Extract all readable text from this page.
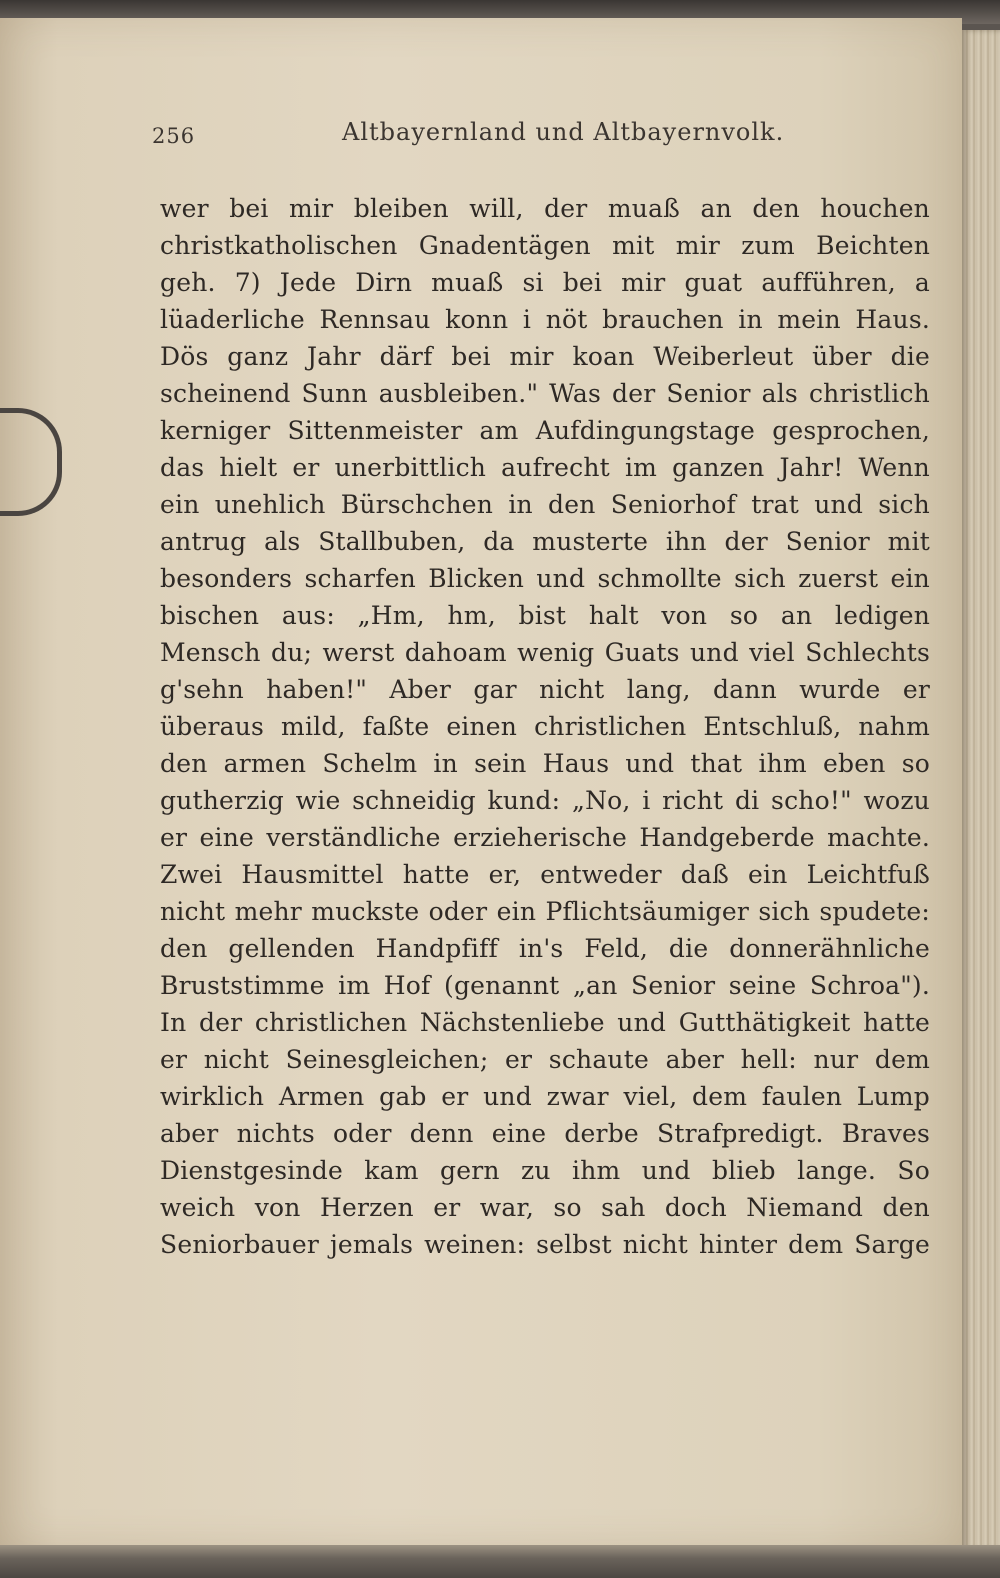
256	Altbayernland und Altbayernvolk.
wer bei mir bleiben will, der muaß an den houchen
christkatholischen Gnadentägen mit mir zum Beichten
geh. 7) Jede Dirn muaß si bei mir guat aufführen, a
lüaderliche Rennsau konn i nöt brauchen in mein Haus.
Dös ganz Jahr därf bei mir koan Weiberleut über die
scheinend Sunn ausbleiben." Was der Senior als christlich
kerniger Sittenmeister am Aufdingungstage gesprochen,
das hielt er unerbittlich aufrecht im ganzen Jahr! Wenn
ein unehlich Bürschchen in den Seniorhof trat und sich
antrug als Stallbuben, da musterte ihn der Senior mit
besonders scharfen Blicken und schmollte sich zuerst ein
bischen aus: „Hm, hm, bist halt von so an ledigen
Mensch du; werst dahoam wenig Guats und viel Schlechts
g'sehn haben!" Aber gar nicht lang, dann wurde er
überaus mild, faßte einen christlichen Entschluß, nahm
den armen Schelm in sein Haus und that ihm eben so
gutherzig wie schneidig kund: „No, i richt di scho!" wozu
er eine verständliche erzieherische Handgeberde machte.
Zwei Hausmittel hatte er, entweder daß ein Leichtfuß
nicht mehr muckste oder ein Pflichtsäumiger sich spudete:
den gellenden Handpfiff in's Feld, die donnerähnliche
Bruststimme im Hof (genannt „an Senior seine Schroa").
In der christlichen Nächstenliebe und Gutthätigkeit hatte
er nicht Seinesgleichen; er schaute aber hell: nur dem
wirklich Armen gab er und zwar viel, dem faulen Lump
aber nichts oder denn eine derbe Strafpredigt. Braves
Dienstgesinde kam gern zu ihm und blieb lange. So
weich von Herzen er war, so sah doch Niemand den
Seniorbauer jemals weinen: selbst nicht hinter dem Sarge
